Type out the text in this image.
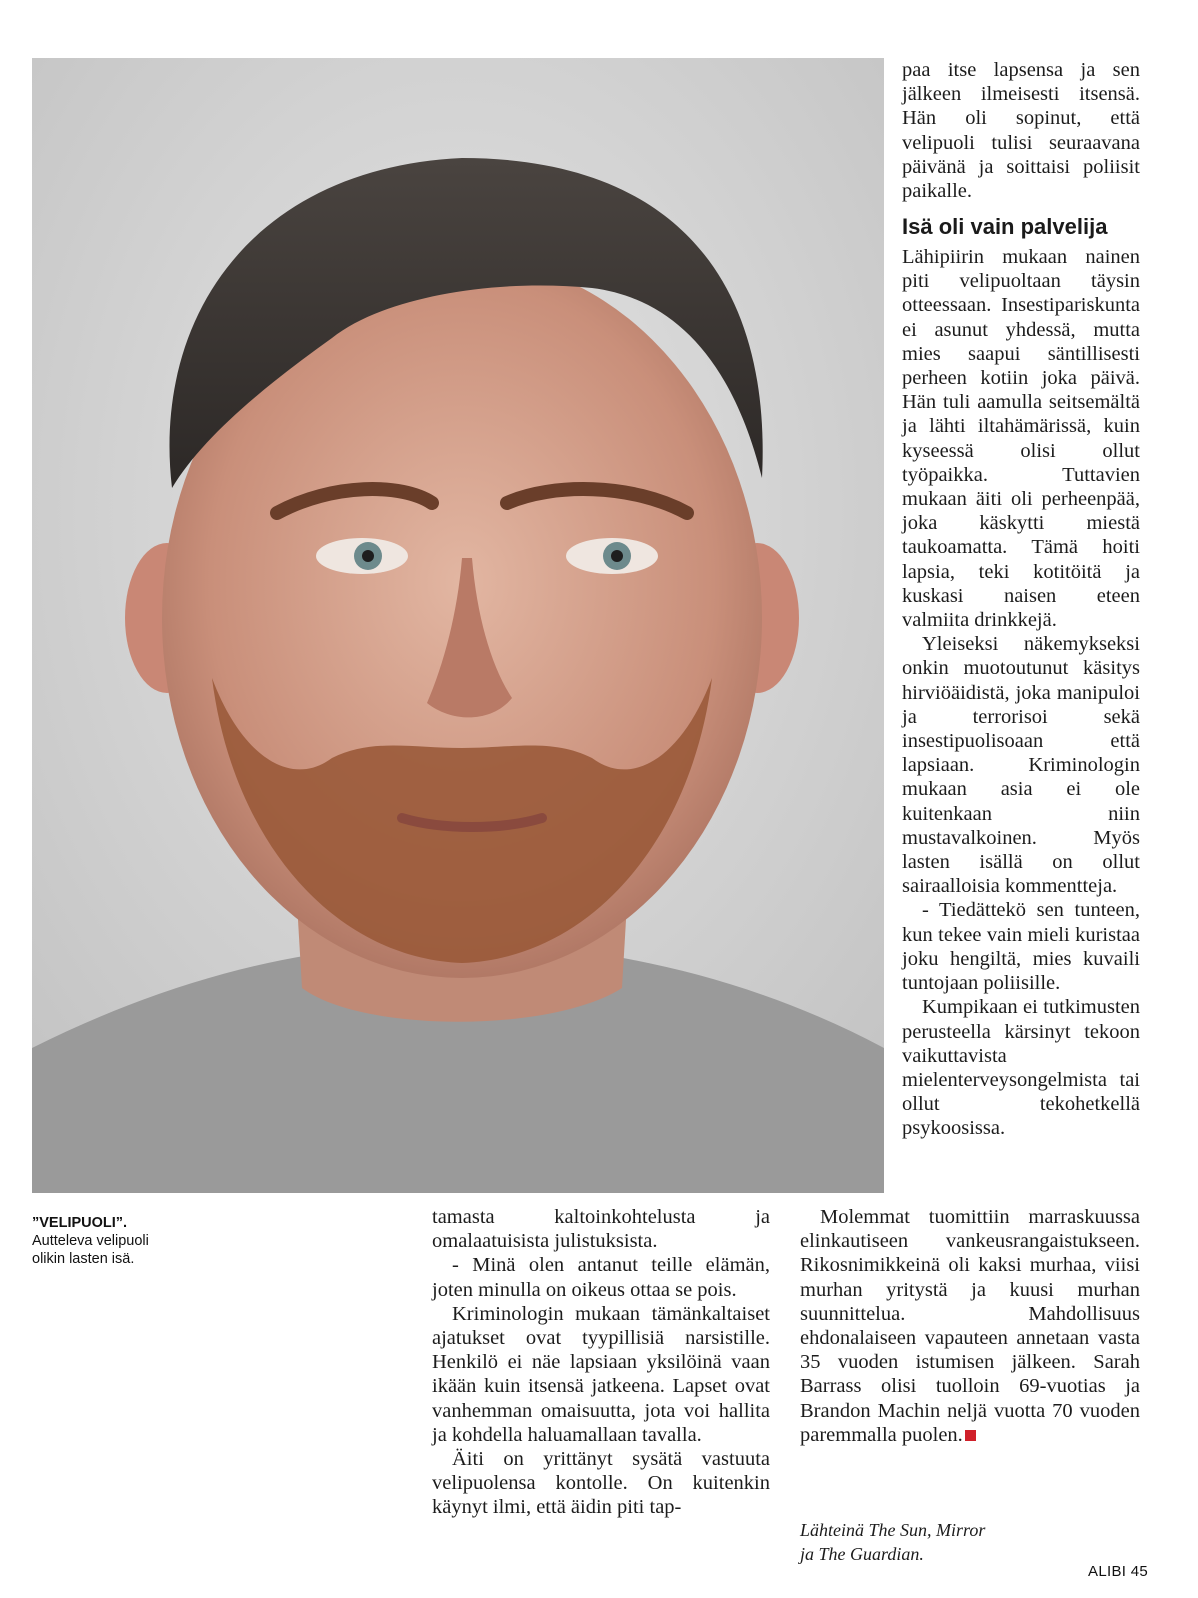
”VELIPUOLI”.
Autteleva velipuoli
olikin lasten isä.

paa itse lapsensa ja sen jälkeen ilmeisesti itsensä. Hän oli sopinut, että velipuoli tulisi seuraavana päivänä ja soittaisi poliisit paikalle.

Isä oli vain palvelija

Lähipiirin mukaan nainen piti velipuoltaan täysin otteessaan. Insestipariskunta ei asunut yhdessä, mutta mies saapui säntillisesti perheen kotiin joka päivä. Hän tuli aamulla seitsemältä ja lähti iltahämärissä, kuin kyseessä olisi ollut työpaikka. Tuttavien mukaan äiti oli perheenpää, joka käskytti miestä taukoamatta. Tämä hoiti lapsia, teki kotitöitä ja kuskasi naisen eteen valmiita drinkkejä.

Yleiseksi näkemykseksi onkin muotoutunut käsitys hirviöäidistä, joka manipuloi ja terrorisoi sekä insestipuolisoaan että lapsiaan. Kriminologin mukaan asia ei ole kuitenkaan niin mustavalkoinen. Myös lasten isällä on ollut sairaalloisia kommentteja.

- Tiedättekö sen tunteen, kun tekee vain mieli kuristaa joku hengiltä, mies kuvaili tuntojaan poliisille.

Kumpikaan ei tutkimusten perusteella kärsinyt tekoon vaikuttavista mielenterveysongelmista tai ollut tekohetkellä psykoosissa.

tamasta kaltoinkohtelusta ja omalaatuisista julistuksista.

- Minä olen antanut teille elämän, joten minulla on oikeus ottaa se pois.

Kriminologin mukaan tämänkaltaiset ajatukset ovat tyypillisiä narsistille. Henkilö ei näe lapsiaan yksilöinä vaan ikään kuin itsensä jatkeena. Lapset ovat vanhemman omaisuutta, jota voi hallita ja kohdella haluamallaan tavalla.

Äiti on yrittänyt sysätä vastuuta velipuolensa kontolle. On kuitenkin käynyt ilmi, että äidin piti tap-

Molemmat tuomittiin marraskuussa elinkautiseen vankeusrangaistukseen. Rikosnimikkeinä oli kaksi murhaa, viisi murhan yritystä ja kuusi murhan suunnittelua. Mahdollisuus ehdonalaiseen vapauteen annetaan vasta 35 vuoden istumisen jälkeen. Sarah Barrass olisi tuolloin 69-vuotias ja Brandon Machin neljä vuotta 70 vuoden paremmalla puolen.

Lähteinä The Sun, Mirror

ja The Guardian.

ALIBI 45
